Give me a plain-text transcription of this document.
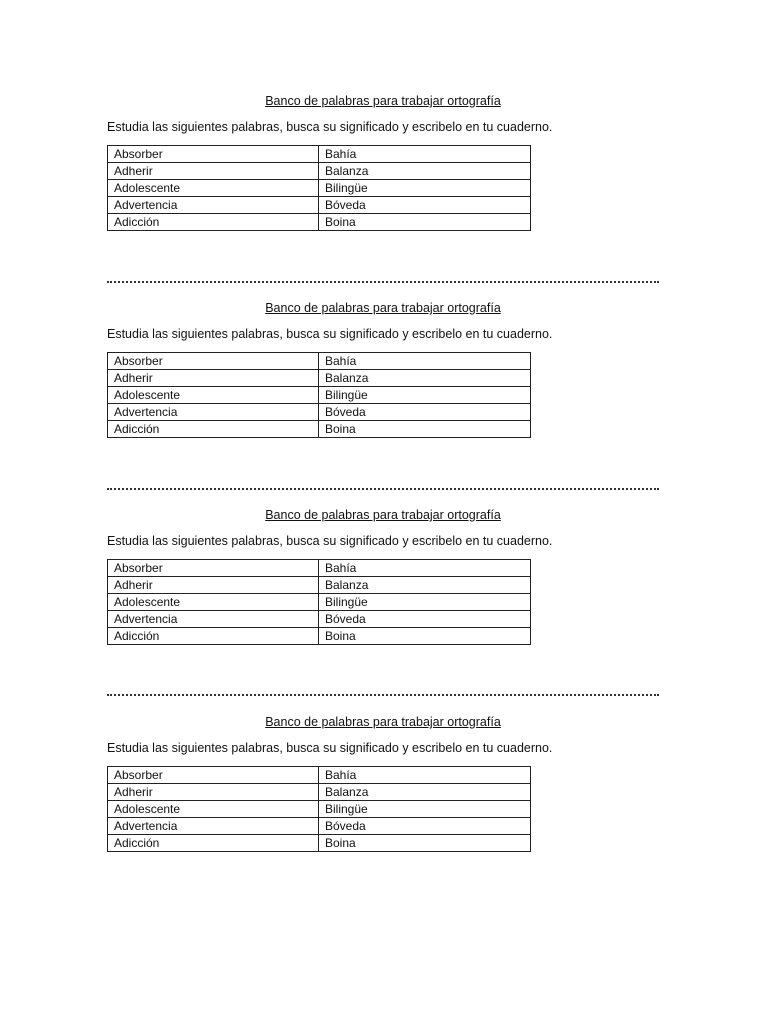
Banco de palabras para trabajar ortografía

Estudia las siguientes palabras, busca su significado y escribelo en tu cuaderno.

Absorber	Bahía
Adherir	Balanza
Adolescente	Bilingüe
Advertencia	Bóveda
Adicción	Boina

Banco de palabras para trabajar ortografía

Estudia las siguientes palabras, busca su significado y escribelo en tu cuaderno.

Absorber	Bahía
Adherir	Balanza
Adolescente	Bilingüe
Advertencia	Bóveda
Adicción	Boina

Banco de palabras para trabajar ortografía

Estudia las siguientes palabras, busca su significado y escribelo en tu cuaderno.

Absorber	Bahía
Adherir	Balanza
Adolescente	Bilingüe
Advertencia	Bóveda
Adicción	Boina

Banco de palabras para trabajar ortografía

Estudia las siguientes palabras, busca su significado y escribelo en tu cuaderno.

Absorber	Bahía
Adherir	Balanza
Adolescente	Bilingüe
Advertencia	Bóveda
Adicción	Boina
